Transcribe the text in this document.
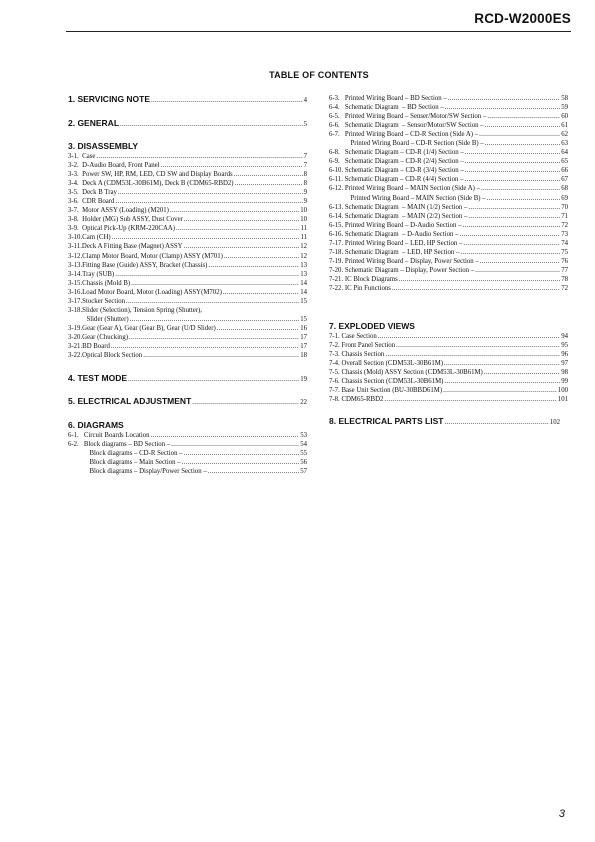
RCD-W2000ES
TABLE OF CONTENTS
1. SERVICING NOTE .....	4
2. GENERAL .....	5
3. DISASSEMBLY
3-1.  Case .....	7
3-2.  D-Audio Board, Front Panel .....	7
3-3.  Power SW, HP, RM, LED, CD SW and Display Boards .....	8
3-4.  Deck A (CDM53L-30B61M), Deck B (CDM65-RBD2) .....	8
3-5.  Deck B Tray .....	9
3-6.  CDR Board .....	9
3-7.  Motor ASSY (Loading) (M201) .....	10
3-8.  Holder (MG) Sub ASSY, Dust Cover .....	10
3-9.  Optical Pick-Up (KRM-220CAA) .....	11
3-10.Cam (CH) .....	11
3-11.Deck A Fitting Base (Magnet) ASSY .....	12
3-12.Clamp Motor Board, Motor (Clamp) ASSY (M701) .....	12
3-13.Fitting Base (Guide) ASSY, Bracket (Chassis) .....	13
3-14.Tray (SUB) .....	13
3-15.Chassis (Mold B) .....	14
3-16.Load Motor Board, Motor (Loading) ASSY(M702) .....	14
3-17.Stocker Section .....	15
3-18.Slider (Selection), Tension Spring (Shutter),
Slider (Shutter) .....	15
3-19.Gear (Gear A), Gear (Gear B), Gear (U/D Slider) .....	16
3-20.Gear (Chucking) .....	17
3-21.BD Board .....	17
3-22.Optical Block Section .....	18
4. TEST MODE .....	19
5. ELECTRICAL ADJUSTMENT .....	22
6. DIAGRAMS
6-1.   Circuit Boards Location .....	53
6-2.   Block diagrams – BD Section – .....	54
Block diagrams – CD-R Section – .....	55
Block diagrams – Main Section – .....	56
Block diagrams – Display/Power Section – .....	57
6-3.   Printed Wiring Board – BD Section – .....	58
6-4.   Schematic Diagram  – BD Section – .....	59
6-5.   Printed Wiring Board – Senser/Motor/SW Section – .....	60
6-6.   Schematic Diagram  – Sensor/Motor/SW Section – .....	61
6-7.   Printed Wiring Board – CD-R Section (Side A) – .....	62
Printed Wiring Board – CD-R Section (Side B) – .....	63
6-8.   Schematic Diagram – CD-R (1/4) Section – .....	64
6-9.   Schematic Diagram – CD-R (2/4) Section – .....	65
6-10. Schematic Diagram – CD-R (3/4) Section – .....	66
6-11. Schematic Diagram – CD-R (4/4) Section – .....	67
6-12. Printed Wiring Board – MAIN Section (Side A) – .....	68
Printed Wiring Board – MAIN Section (Side B) – .....	69
6-13. Schematic Diagram  – MAIN (1/2) Section – .....	70
6-14. Schematic Diagram  – MAIN (2/2) Section – .....	71
6-15. Printed Wiring Board – D-Audio Section – .....	72
6-16. Schematic Diagram  – D-Audio Section – .....	73
7-17. Printed Wiring Board – LED, HP Section – .....	74
7-18. Schematic Diagram  – LED, HP Section – .....	75
7-19. Printed Wiring Board – Display, Power Section – .....	76
7-20. Schematic Diagram – Display, Power Section – .....	77
7-21. IC Block Diagrams .....	78
7-22. IC Pin Functions .....	72
7. EXPLODED VIEWS
7-1. Case Section .....	94
7-2. Front Panel Section .....	95
7-3. Chassis Section .....	96
7-4. Overall Section (CDM53L-30B61M) .....	97
7-5. Chassis (Mold) ASSY Section (CDM53L-30B61M) .....	98
7-6. Chassis Section (CDM53L-30B61M) .....	99
7-7. Base Unit Section (BU-30BBD61M) .....	100
7-8. CDM65-RBD2 .....	101
8. ELECTRICAL PARTS LIST .....	102
3
